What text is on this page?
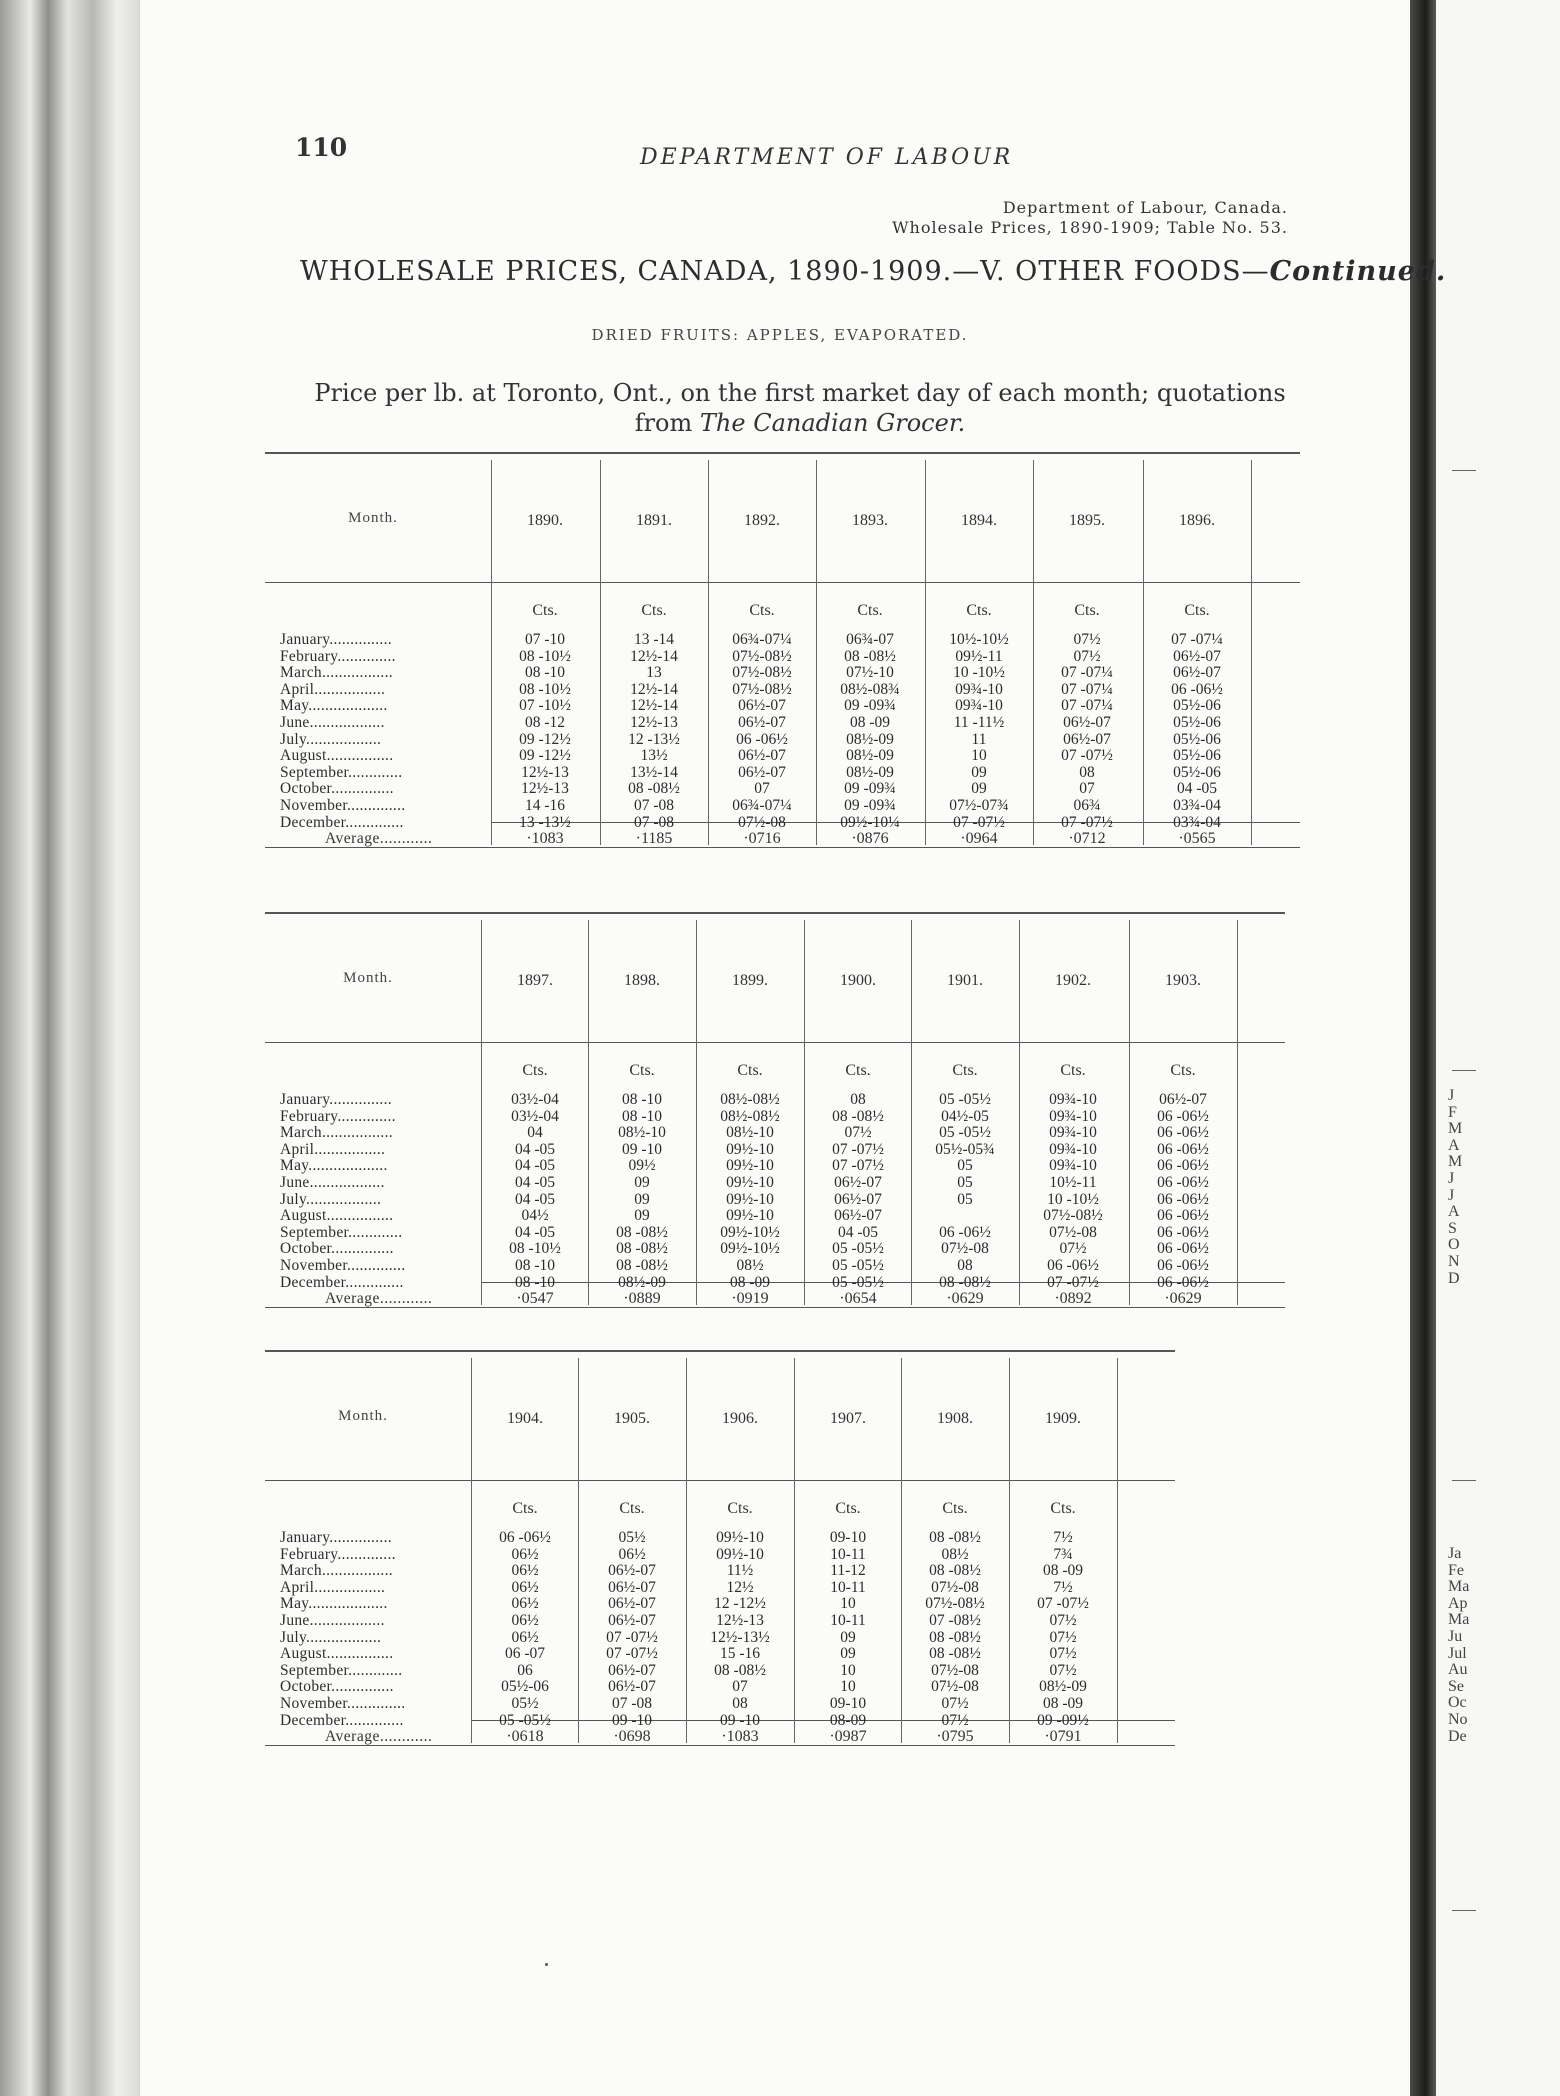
J
F
M
A
M
J
J
A
S
O
N
D
Ja
Fe
Ma
Ap
Ma
Ju
Jul
Au
Se
Oc
No
De
110	DEPARTMENT OF LABOUR
Department of Labour, Canada.
Wholesale Prices, 1890-1909; Table No. 53.
WHOLESALE PRICES, CANADA, 1890-1909.—V. OTHER FOODS—Continued.
DRIED FRUITS: APPLES, EVAPORATED.
Price per lb. at Toronto, Ont., on the first market day of each month; quotations from The Canadian Grocer.
Month.
January...............
February..............
March.................
April.................
May...................
June..................
July..................
August................
September.............
October...............
November..............
December..............
1890.
Cts.
07 -10
08 -10½
08 -10
08 -10½
07 -10½
08 -12
09 -12½
09 -12½
12½-13
12½-13
14 -16
13 -13½
·1083
1891.
Cts.
13 -14
12½-14
13
12½-14
12½-14
12½-13
12 -13½
13½
13½-14
08 -08½
07 -08
07 -08
·1185
1892.
Cts.
06¾-07¼
07½-08½
07½-08½
07½-08½
06½-07
06½-07
06 -06½
06½-07
06½-07
07
06¾-07¼
07½-08
·0716
1893.
Cts.
06¾-07
08 -08½
07½-10
08½-08¾
09 -09¾
08 -09
08½-09
08½-09
08½-09
09 -09¾
09 -09¾
09½-10¼
·0876
1894.
Cts.
10½-10½
09½-11
10 -10½
09¾-10
09¾-10
11 -11½
11
10
09
09
07½-07¾
07 -07½
·0964
1895.
Cts.
07½
07½
07 -07¼
07 -07¼
07 -07¼
06½-07
06½-07
07 -07½
08
07
06¾
07 -07½
·0712
1896.
Cts.
07 -07¼
06½-07
06½-07
06 -06½
05½-06
05½-06
05½-06
05½-06
05½-06
04 -05
03¾-04
03¾-04
·0565
Average............
Month.
January...............
February..............
March.................
April.................
May...................
June..................
July..................
August................
September.............
October...............
November..............
December..............
1897.
Cts.
03½-04
03½-04
04
04 -05
04 -05
04 -05
04 -05
04½
04 -05
08 -10½
08 -10
08 -10
·0547
1898.
Cts.
08 -10
08 -10
08½-10
09 -10
09½
09
09
09
08 -08½
08 -08½
08 -08½
08½-09
·0889
1899.
Cts.
08½-08½
08½-08½
08½-10
09½-10
09½-10
09½-10
09½-10
09½-10
09½-10½
09½-10½
08½
08 -09
·0919
1900.
Cts.
08
08 -08½
07½
07 -07½
07 -07½
06½-07
06½-07
06½-07
04 -05
05 -05½
05 -05½
05 -05½
·0654
1901.
Cts.
05 -05½
04½-05
05 -05½
05½-05¾
05
05
05
06 -06½
07½-08
08
08 -08½
·0629
1902.
Cts.
09¾-10
09¾-10
09¾-10
09¾-10
09¾-10
10½-11
10 -10½
07½-08½
07½-08
07½
06 -06½
07 -07½
·0892
1903.
Cts.
06½-07
06 -06½
06 -06½
06 -06½
06 -06½
06 -06½
06 -06½
06 -06½
06 -06½
06 -06½
06 -06½
06 -06½
·0629
Average............
Month.
January...............
February..............
March.................
April.................
May...................
June..................
July..................
August................
September.............
October...............
November..............
December..............
1904.
Cts.
06 -06½
06½
06½
06½
06½
06½
06½
06 -07
06
05½-06
05½
05 -05½
·0618
1905.
Cts.
05½
06½
06½-07
06½-07
06½-07
06½-07
07 -07½
07 -07½
06½-07
06½-07
07 -08
09 -10
·0698
1906.
Cts.
09½-10
09½-10
11½
12½
12 -12½
12½-13
12½-13½
15 -16
08 -08½
07
08
09 -10
·1083
1907.
Cts.
09-10
10-11
11-12
10-11
10
10-11
09
09
10
10
09-10
08-09
·0987
1908.
Cts.
08 -08½
08½
08 -08½
07½-08
07½-08½
07 -08½
08 -08½
08 -08½
07½-08
07½-08
07½
07½
·0795
1909.
Cts.
7½
7¾
08 -09
7½
07 -07½
07½
07½
07½
07½
08½-09
08 -09
09 -09½
·0791
Average............
